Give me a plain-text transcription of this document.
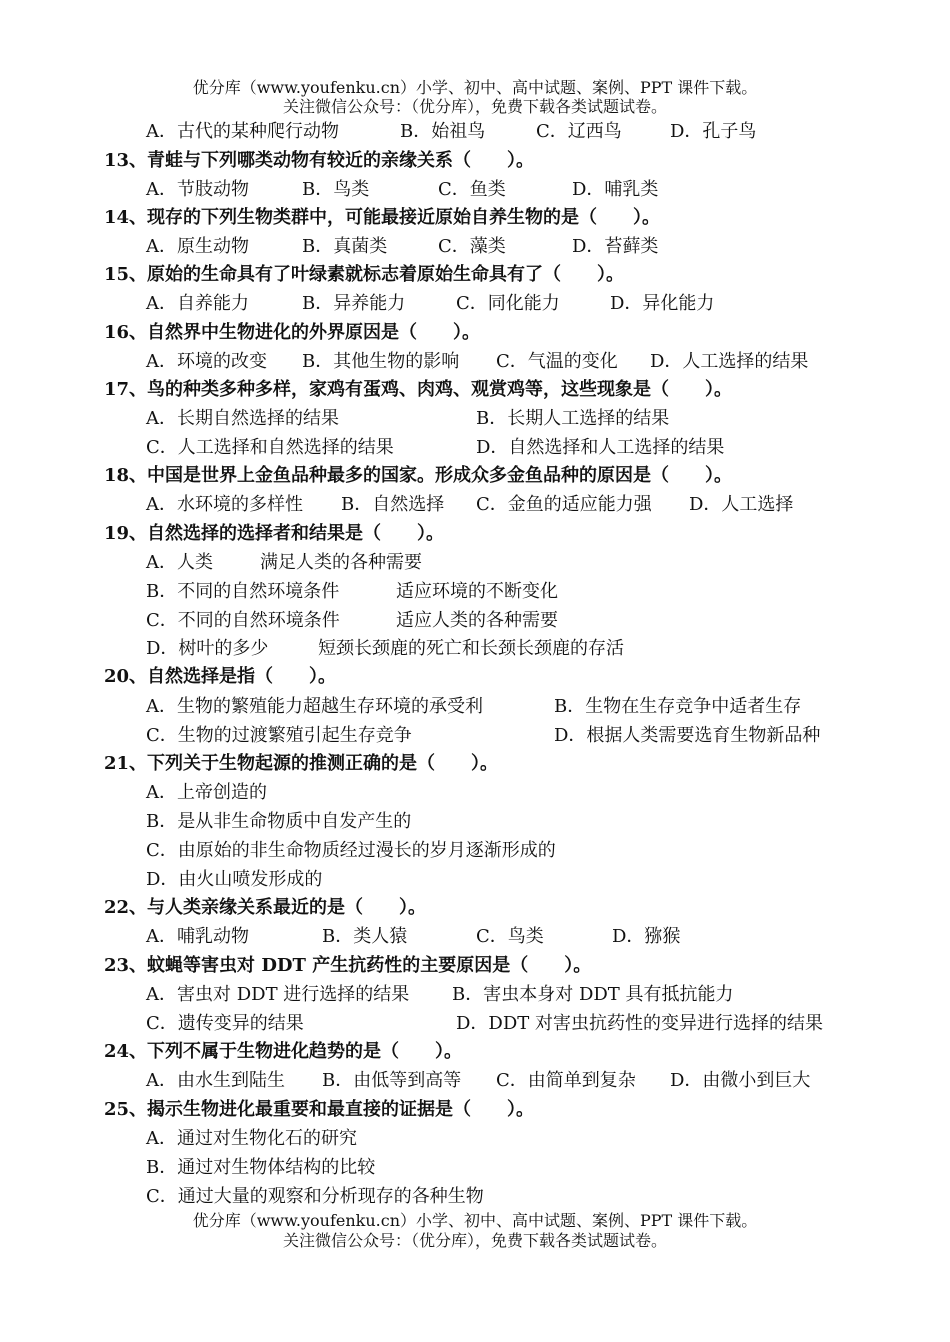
优分库（www.youfenku.cn）小学、初中、高中试题、案例、PPT 课件下载。
关注微信公众号：（优分库），免费下载各类试题试卷。
A．古代的某种爬行动物	B．始祖鸟	C．辽西鸟	D．孔子鸟
13、青蛙与下列哪类动物有较近的亲缘关系（　　）。
A．节肢动物	B．鸟类	C．鱼类	D．哺乳类
14、现存的下列生物类群中，可能最接近原始自养生物的是（　　）。
A．原生动物	B．真菌类	C．藻类	D．苔藓类
15、原始的生命具有了叶绿素就标志着原始生命具有了（　　）。
A．自养能力	B．异养能力	C．同化能力	D．异化能力
16、自然界中生物进化的外界原因是（　　）。
A．环境的改变 B．其他生物的影响 C．气温的变化 D．人工选择的结果
17、鸟的种类多种多样，家鸡有蛋鸡、肉鸡、观赏鸡等，这些现象是（　　）。
A．长期自然选择的结果	B．长期人工选择的结果
C．人工选择和自然选择的结果	D．自然选择和人工选择的结果
18、中国是世界上金鱼品种最多的国家。形成众多金鱼品种的原因是（　　）。
A．水环境的多样性 B．自然选择 C．金鱼的适应能力强 D．人工选择
19、自然选择的选择者和结果是（　　）。
A．人类	满足人类的各种需要
B．不同的自然环境条件	适应环境的不断变化
C．不同的自然环境条件	适应人类的各种需要
D．树叶的多少	短颈长颈鹿的死亡和长颈长颈鹿的存活
20、自然选择是指（　　）。
A．生物的繁殖能力超越生存环境的承受利	B．生物在生存竞争中适者生存
C．生物的过渡繁殖引起生存竞争	D．根据人类需要选育生物新品种
21、下列关于生物起源的推测正确的是（　　）。
A．上帝创造的
B．是从非生命物质中自发产生的
C．由原始的非生命物质经过漫长的岁月逐渐形成的
D．由火山喷发形成的
22、与人类亲缘关系最近的是（　　）。
A．哺乳动物	B．类人猿	C．鸟类	D．猕猴
23、蚊蝇等害虫对 DDT 产生抗药性的主要原因是（　　）。
A．害虫对 DDT 进行选择的结果 B．害虫本身对 DDT 具有抵抗能力
C．遗传变异的结果	D．DDT 对害虫抗药性的变异进行选择的结果
24、下列不属于生物进化趋势的是（　　）。
A．由水生到陆生 B．由低等到高等 C．由简单到复杂 D．由微小到巨大
25、揭示生物进化最重要和最直接的证据是（　　）。
A．通过对生物化石的研究
B．通过对生物体结构的比较
C．通过大量的观察和分析现存的各种生物
优分库（www.youfenku.cn）小学、初中、高中试题、案例、PPT 课件下载。
关注微信公众号：（优分库），免费下载各类试题试卷。
